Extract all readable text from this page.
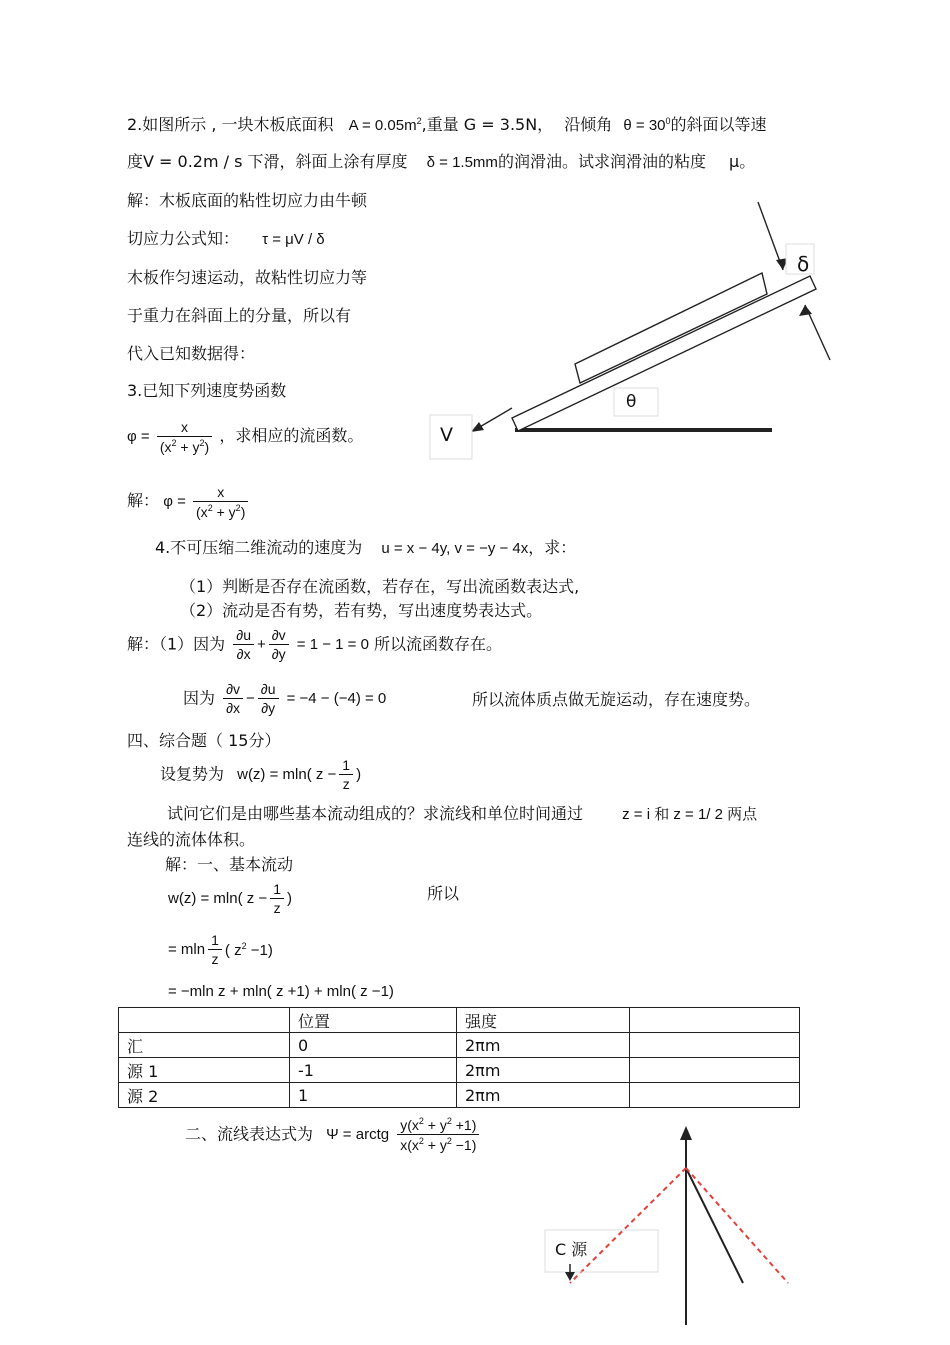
2.如图所示 , 一块木板底面积 $A = 0.05m^2$,重量 G = 3.5N， 沿倾角 $\theta = 30^0$的斜面以等速
度V = 0.2m / s 下滑，斜面上涂有厚度 δ = 1.5mm的润滑油。试求润滑油的粘度 μ。
解：木板底面的粘性切应力由牛顿
切应力公式知： τ = μV / δ
木板作匀速运动，故粘性切应力等
于重力在斜面上的分量，所以有
代入已知数据得：
δ
θ
V
3.已知下列速度势函数
$\varphi = \frac{x}{(x^2 + y^2)}$ ，求相应的流函数。
解： $\varphi = \frac{x}{(x^2 + y^2)}$
4.不可压缩二维流动的速度为 u = x − 4y, v = −y − 4x，求：
（1）判断是否存在流函数，若存在，写出流函数表达式,
（2）流动是否有势，若有势，写出速度势表达式。
解：（1）因为 $\frac{\partial u}{\partial x} + \frac{\partial v}{\partial y} = 1 - 1 = 0$ 所以流函数存在。
因为 $\frac{\partial v}{\partial x} - \frac{\partial u}{\partial y} = -4 - (-4) = 0$	所以流体质点做无旋运动，存在速度势。
四、综合题（ 15分）
设复势为 w(z) = mln( $z - \frac{1}{z}$ )
试问它们是由哪些基本流动组成的？求流线和单位时间通过	z = i 和 z = 1/ 2 两点
连线的流体体积。
解：一、基本流动
w(z) = mln( $z - \frac{1}{z}$ )	所以
= mln $\frac{1}{z}$ ( $z^2 -1$)
= −mln z + mln( z +1) + mln( z −1)
	位置	强度	
汇	0	2πm	
源 1	-1	2πm	
源 2	1	2πm	
二、流线表达式为 Ψ = arctg $\frac{y(x^2 + y^2 +1)}{x(x^2 + y^2 -1)}$
C 源
